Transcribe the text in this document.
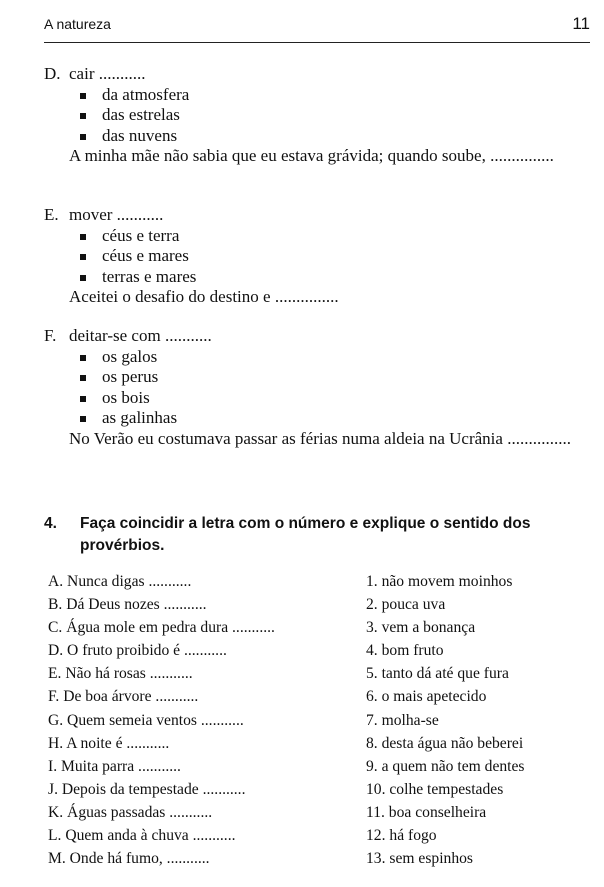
A natureza	11
D. cair ...........
da atmosfera
das estrelas
das nuvens
A minha mãe não sabia que eu estava grávida; quando soube, ...............
E. mover ...........
céus e terra
céus e mares
terras e mares
Aceitei o desafio do destino e ...............
F. deitar-se com ...........
os galos
os perus
os bois
as galinhas
No Verão eu costumava passar as férias numa aldeia na Ucrânia ...............
4.	Faça coincidir a letra com o número e explique o sentido dos provérbios.
A. Nunca digas ...........	1. não movem moinhos
B. Dá Deus nozes ...........	2. pouca uva
C. Água mole em pedra dura ...........	3. vem a bonança
D. O fruto proibido é ...........	4. bom fruto
E. Não há rosas ...........	5. tanto dá até que fura
F. De boa árvore ...........	6. o mais apetecido
G. Quem semeia ventos ...........	7. molha-se
H. A noite é ...........	8. desta água não beberei
I. Muita parra ...........	9. a quem não tem dentes
J. Depois da tempestade ...........	10. colhe tempestades
K. Águas passadas ...........	11. boa conselheira
L. Quem anda à chuva ...........	12. há fogo
M. Onde há fumo, ...........	13. sem espinhos
